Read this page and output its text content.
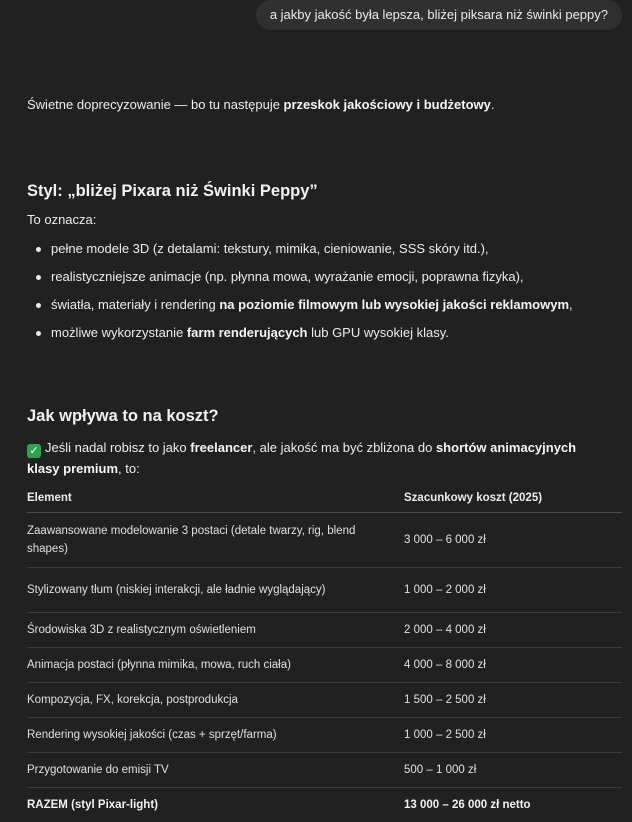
a jakby jakość była lepsza, bliżej piksara niż świnki peppy?
Świetne doprecyzowanie — bo tu następuje przeskok jakościowy i budżetowy.
Styl: „bliżej Pixara niż Świnki Peppy”
To oznacza:
pełne modele 3D (z detalami: tekstury, mimika, cieniowanie, SSS skóry itd.),
realistyczniejsze animacje (np. płynna mowa, wyrażanie emocji, poprawna fizyka),
światła, materiały i rendering na poziomie filmowym lub wysokiej jakości reklamowym,
możliwe wykorzystanie farm renderujących lub GPU wysokiej klasy.
Jak wpływa to na koszt?
✓ Jeśli nadal robisz to jako freelancer, ale jakość ma być zbliżona do shortów animacyjnych klasy premium, to:
Element	Szacunkowy koszt (2025)
Zaawansowane modelowanie 3 postaci (detale twarzy, rig, blend shapes)	3 000 – 6 000 zł
Stylizowany tłum (niskiej interakcji, ale ładnie wyglądający)	1 000 – 2 000 zł
Środowiska 3D z realistycznym oświetleniem	2 000 – 4 000 zł
Animacja postaci (płynna mimika, mowa, ruch ciała)	4 000 – 8 000 zł
Kompozycja, FX, korekcja, postprodukcja	1 500 – 2 500 zł
Rendering wysokiej jakości (czas + sprzęt/farma)	1 000 – 2 500 zł
Przygotowanie do emisji TV	500 – 1 000 zł
RAZEM (styl Pixar-light)	13 000 – 26 000 zł netto
